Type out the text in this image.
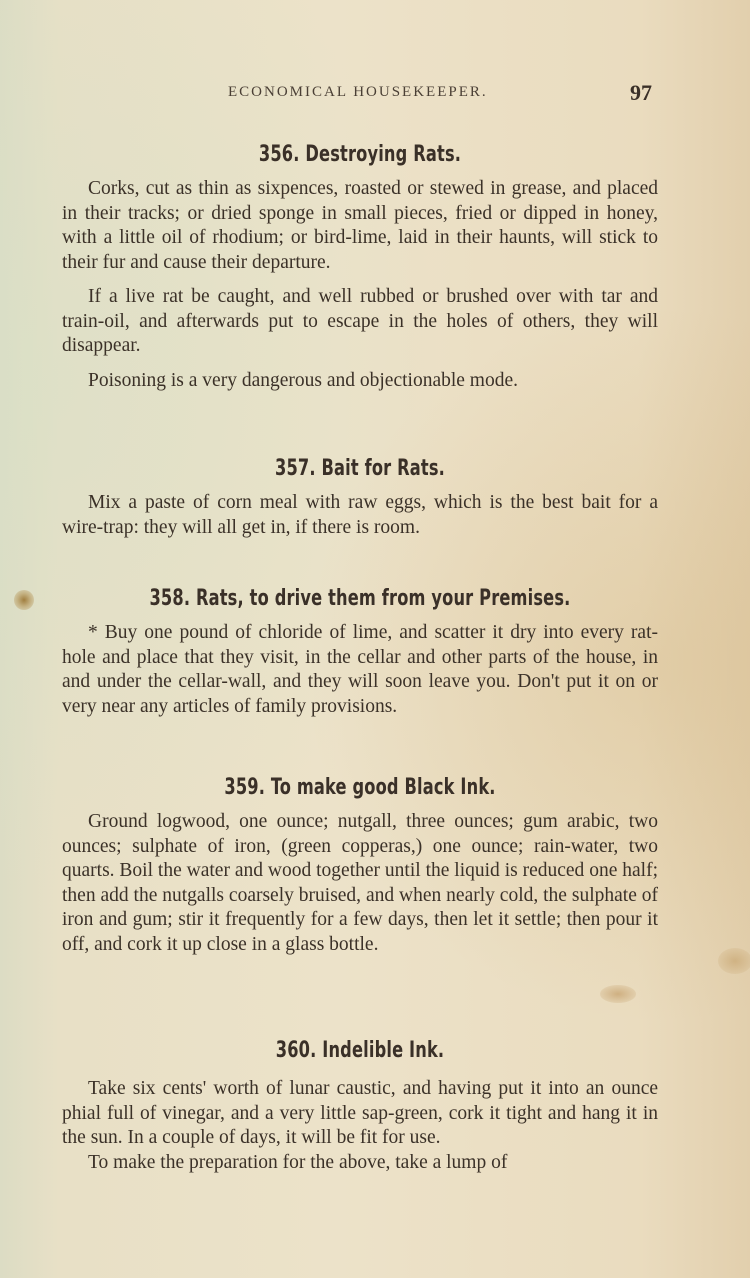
ECONOMICAL HOUSEKEEPER.	97
356. Destroying Rats.

Corks, cut as thin as sixpences, roasted or stewed in grease, and placed in their tracks; or dried sponge in small pieces, fried or dipped in honey, with a little oil of rhodium; or bird-lime, laid in their haunts, will stick to their fur and cause their departure.

If a live rat be caught, and well rubbed or brushed over with tar and train-oil, and afterwards put to escape in the holes of others, they will disappear.

Poisoning is a very dangerous and objectionable mode.

357. Bait for Rats.

Mix a paste of corn meal with raw eggs, which is the best bait for a wire-trap: they will all get in, if there is room.

358. Rats, to drive them from your Premises.

* Buy one pound of chloride of lime, and scatter it dry into every rat-hole and place that they visit, in the cellar and other parts of the house, in and under the cellar-wall, and they will soon leave you. Don't put it on or very near any articles of family provisions.

359. To make good Black Ink.

Ground logwood, one ounce; nutgall, three ounces; gum arabic, two ounces; sulphate of iron, (green copperas,) one ounce; rain-water, two quarts. Boil the water and wood together until the liquid is reduced one half; then add the nutgalls coarsely bruised, and when nearly cold, the sulphate of iron and gum; stir it frequently for a few days, then let it settle; then pour it off, and cork it up close in a glass bottle.

360. Indelible Ink.

Take six cents' worth of lunar caustic, and having put it into an ounce phial full of vinegar, and a very little sap-green, cork it tight and hang it in the sun. In a couple of days, it will be fit for use.

To make the preparation for the above, take a lump of
